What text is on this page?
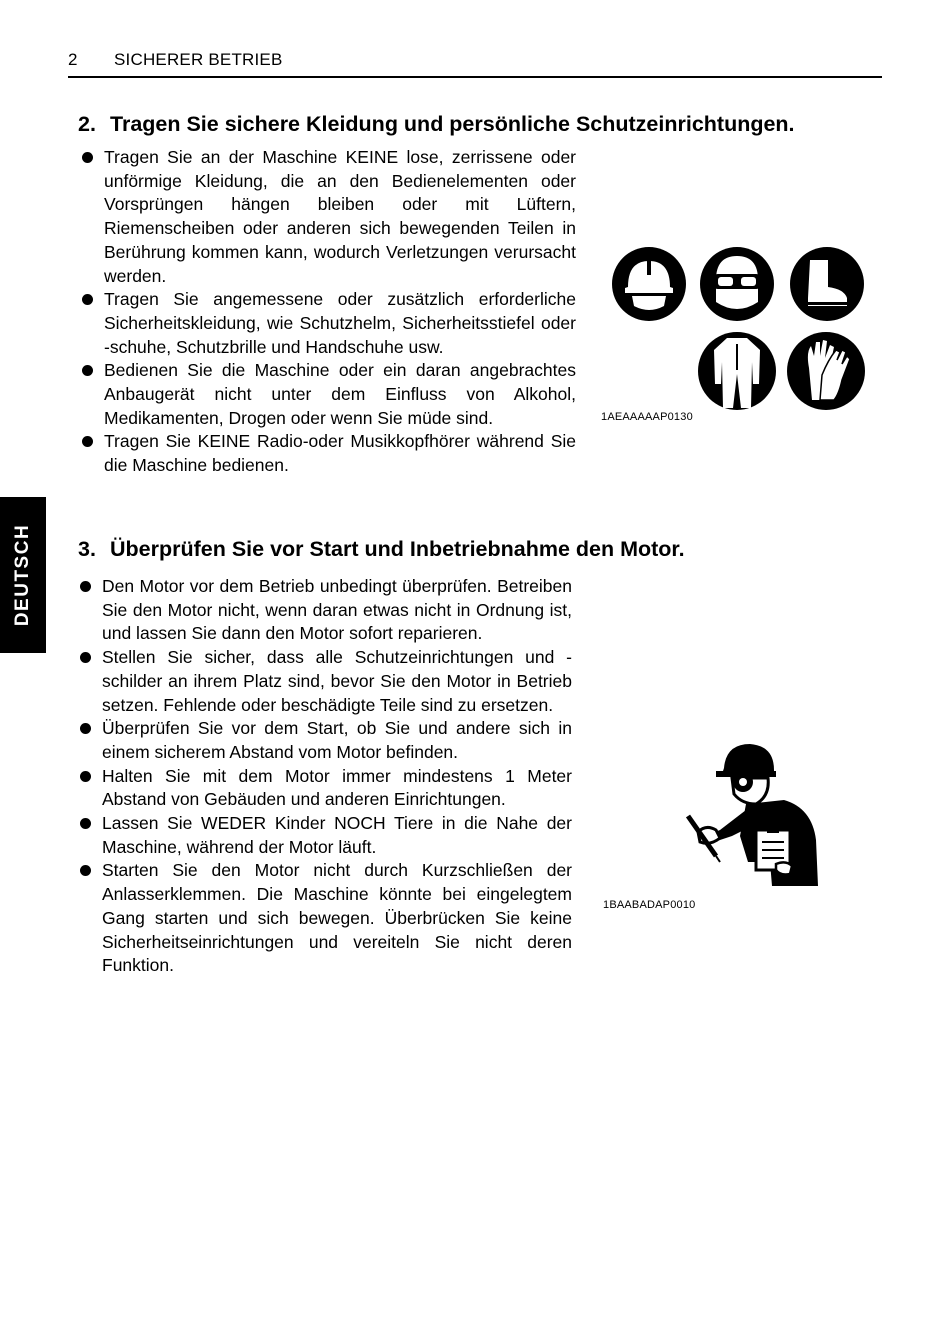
2 SICHERER BETRIEB
DEUTSCH
2. Tragen Sie sichere Kleidung und persönliche Schutzeinrichtungen.
Tragen Sie an der Maschine KEINE lose, zerrissene oder unförmige Kleidung, die an den Bedienelementen oder Vorsprüngen hängen bleiben oder mit Lüftern, Riemenscheiben oder anderen sich bewegenden Teilen in Berührung kommen kann, wodurch Verletzungen verursacht werden.
Tragen Sie angemessene oder zusätzlich erforderliche Sicherheitskleidung, wie Schutzhelm, Sicherheitsstiefel oder -schuhe, Schutzbrille und Handschuhe usw.
Bedienen Sie die Maschine oder ein daran angebrachtes Anbaugerät nicht unter dem Einfluss von Alkohol, Medikamenten, Drogen oder wenn Sie müde sind.
Tragen Sie KEINE Radio-oder Musikkopfhörer während Sie die Maschine bedienen.
1AEAAAAAP0130
3. Überprüfen Sie vor Start und Inbetriebnahme den Motor.
Den Motor vor dem Betrieb unbedingt überprüfen. Betreiben Sie den Motor nicht, wenn daran etwas nicht in Ordnung ist, und lassen Sie dann den Motor sofort reparieren.
Stellen Sie sicher, dass alle Schutzeinrichtungen und -schilder an ihrem Platz sind, bevor Sie den Motor in Betrieb setzen. Fehlende oder beschädigte Teile sind zu ersetzen.
Überprüfen Sie vor dem Start, ob Sie und andere sich in einem sicherem Abstand vom Motor befinden.
Halten Sie mit dem Motor immer mindestens 1 Meter Abstand von Gebäuden und anderen Einrichtungen.
Lassen Sie WEDER Kinder NOCH Tiere in die Nahe der Maschine, während der Motor läuft.
Starten Sie den Motor nicht durch Kurzschließen der Anlasserklemmen. Die Maschine könnte bei eingelegtem Gang starten und sich bewegen. Überbrücken Sie keine Sicherheitseinrichtungen und vereiteln Sie nicht deren Funktion.
1BAABADAP0010
